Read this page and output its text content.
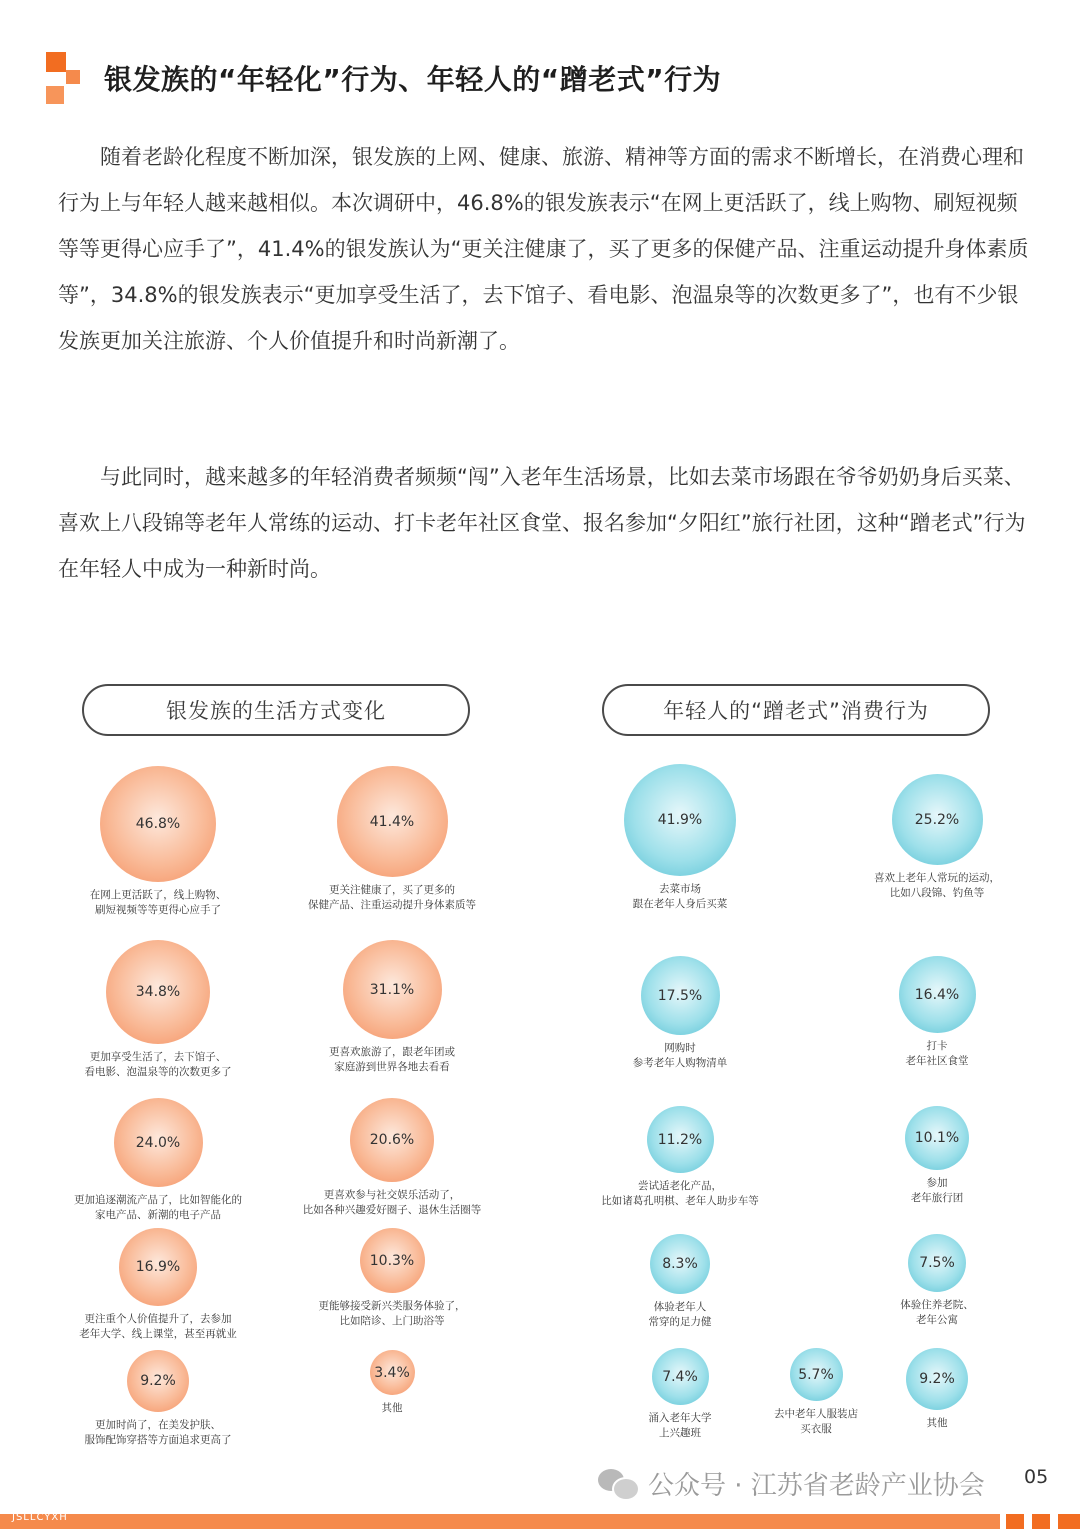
银发族的“年轻化”行为、年轻人的“蹭老式”行为

随着老龄化程度不断加深，银发族的上网、健康、旅游、精神等方面的需求不断增长，在消费心理和行为上与年轻人越来越相似。本次调研中，46.8%的银发族表示“在网上更活跃了，线上购物、刷短视频等等更得心应手了”，41.4%的银发族认为“更关注健康了，买了更多的保健产品、注重运动提升身体素质等”，34.8%的银发族表示“更加享受生活了，去下馆子、看电影、泡温泉等的次数更多了”，也有不少银发族更加关注旅游、个人价值提升和时尚新潮了。

与此同时，越来越多的年轻消费者频频“闯”入老年生活场景，比如去菜市场跟在爷爷奶奶身后买菜、喜欢上八段锦等老年人常练的运动、打卡老年社区食堂、报名参加“夕阳红”旅行社团，这种“蹭老式”行为在年轻人中成为一种新时尚。

银发族的生活方式变化	年轻人的“蹭老式”消费行为
46.8%
在网上更活跃了，线上购物、
刷短视频等等更得心应手了
41.4%
更关注健康了，买了更多的
保健产品、注重运动提升身体素质等
34.8%
更加享受生活了，去下馆子、
看电影、泡温泉等的次数更多了
31.1%
更喜欢旅游了，跟老年团或
家庭游到世界各地去看看
24.0%
更加追逐潮流产品了，比如智能化的
家电产品、新潮的电子产品
20.6%
更喜欢参与社交娱乐活动了，
比如各种兴趣爱好圈子、退休生活圈等
16.9%
更注重个人价值提升了，去参加
老年大学、线上课堂，甚至再就业
10.3%
更能够接受新兴类服务体验了，
比如陪诊、上门助浴等
9.2%
更加时尚了，在美发护肤、
服饰配饰穿搭等方面追求更高了
3.4%
其他
41.9%
去菜市场
跟在老年人身后买菜
25.2%
喜欢上老年人常玩的运动，
比如八段锦、钓鱼等
17.5%
网购时
参考老年人购物清单
16.4%
打卡
老年社区食堂
11.2%
尝试适老化产品，
比如诸葛孔明棋、老年人助步车等
10.1%
参加
老年旅行团
8.3%
体验老年人
常穿的足力健
7.5%
体验住养老院、
老年公寓
7.4%
涌入老年大学
上兴趣班
5.7%
去中老年人服装店
买衣服
9.2%
其他
公众号 · 江苏省老龄产业协会 05
JSLLCYXH
